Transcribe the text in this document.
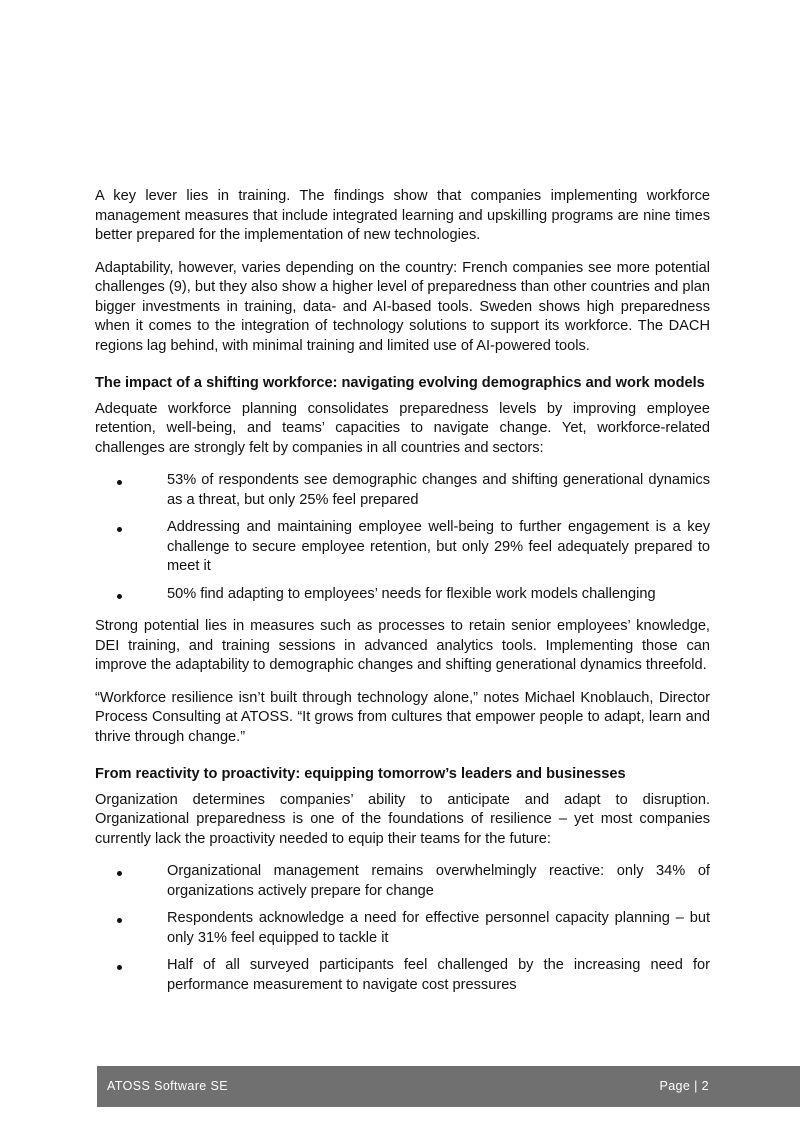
A key lever lies in training. The findings show that companies implementing workforce management measures that include integrated learning and upskilling programs are nine times better prepared for the implementation of new technologies.

Adaptability, however, varies depending on the country: French companies see more potential challenges (9), but they also show a higher level of preparedness than other countries and plan bigger investments in training, data- and AI-based tools. Sweden shows high preparedness when it comes to the integration of technology solutions to support its workforce. The DACH regions lag behind, with minimal training and limited use of AI-powered tools.

The impact of a shifting workforce: navigating evolving demographics and work models

Adequate workforce planning consolidates preparedness levels by improving employee retention, well-being, and teams’ capacities to navigate change. Yet, workforce-related challenges are strongly felt by companies in all countries and sectors:

53% of respondents see demographic changes and shifting generational dynamics as a threat, but only 25% feel prepared
Addressing and maintaining employee well-being to further engagement is a key challenge to secure employee retention, but only 29% feel adequately prepared to meet it
50% find adapting to employees’ needs for flexible work models challenging

Strong potential lies in measures such as processes to retain senior employees’ knowledge, DEI training, and training sessions in advanced analytics tools. Implementing those can improve the adaptability to demographic changes and shifting generational dynamics threefold.

“Workforce resilience isn’t built through technology alone,” notes Michael Knoblauch, Director Process Consulting at ATOSS. “It grows from cultures that empower people to adapt, learn and thrive through change.”

From reactivity to proactivity: equipping tomorrow’s leaders and businesses

Organization determines companies’ ability to anticipate and adapt to disruption. Organizational preparedness is one of the foundations of resilience – yet most companies currently lack the proactivity needed to equip their teams for the future:

Organizational management remains overwhelmingly reactive: only 34% of organizations actively prepare for change
Respondents acknowledge a need for effective personnel capacity planning – but only 31% feel equipped to tackle it
Half of all surveyed participants feel challenged by the increasing need for performance measurement to navigate cost pressures
ATOSS Software SE	Page | 2
